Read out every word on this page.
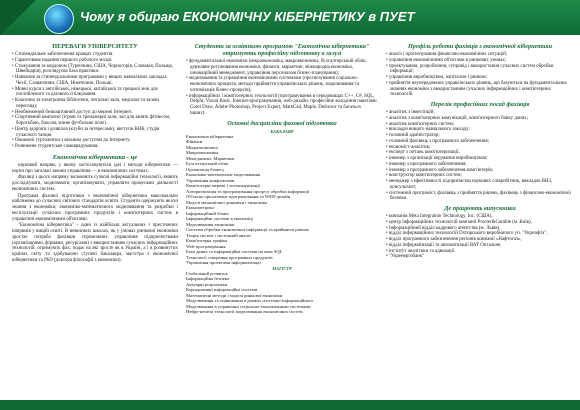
Чому я обираю ЕКОНОМІЧНУ КІБЕРНЕТИКУ в ПУЕТ
ПЕРЕВАГИ УНІВЕРСИТЕТУ
• Стипендіальне забезпечення кращих студентів.
• Гарантоване надання першого робочого місця.
• Стажування за кордоном (Туреччина, США, Чорногорія, Словакія, Польща, Швейцарія), розглядуєва база практики.
• Навчання за стипендіальними програмами у вищих навчальних закладах Чехії, Словаччини, США, Німеччини, Польщі.
• Мовні курси з англійської, німецької, китайської та грецької мов для поглибленого та ділового спілкування.
• Класична та електронна бібліотеки, читальні зали, медіазал та залові перегляду.
• Необмежений безкоштовний доступ до мережі Інтернет.
• Спортивний комплекс (ігрові та тренажерні зали, зал для занять фітнесом, боротьбою, боксом, мінне футбольне поле).
• Центр здоров'я і дозвілля (клуби за інтересами), виступи КВК, студія сучасного танцю.
• Оновлені гуртожитки з вільним доступом до Інтернету.
• Розвинене студентське самоврядування.
Економічна кібернетика - це

науковий напрям, у якому застосовуються ідеї і методи кібернетики — науки про загальні закони управління — в економічних системах.

Фахівці з цього напряму засвоюють сучасні інформаційні технології, вміють досліджувати, моделювати, організовувати, управляти процесами діяльності економічних систем.

Програма фахової підготовки з економічної кібернетики максимально наближена до сучасних світових стандартів освіти. Студенти одержують якісні знання з економіки, економіко-математичного моделювання та розробки і експлуатації сучасних програмних продуктів і комп'ютерних систем в управлінні економічними об'єктами.

"Економічна кібернетика" - один із найбільш актуальних і престижних напрямів у вищій освіті. В невеликих школах, як у умовах ринкової економіки зростає потреба фахівців спроможних управління підприємствами (організаціями, фірмами, ресурсами) з використанням сучасних інформаційних технологій, отримують фах, подає на які зросте як в Україні, а і в розвинутих країнах світу та здобуваючи ступені бакалавра, магістра з економічної кібернетики та PhD (доктора філософії з економіки).

Студенти за освітньою програмою "Економічна кібернетика" отримують професійну підготовку в галузі
• фундаментальної економіки (мікроекономіка, макроекономіка, бухгалтерський облік, державне регулювання економіки, фінанси, маркетинг, міжнародна економіка, інноваційний менеджмент, управління персоналом бізнес-планування);
• моделювання та управління економічними системами (прогнозування соціально-економічних процесів, методи прийняття управлінських рішень, моделювання та оптимізація бізнес-процесів);
• інформаційних і комп'ютерних технологій (програмування в середовищах C++, C#, SQL, Delphi, Visual Basic, Internet-програмування, web-дизайн, професійне володіння пакетами Corel Draw, Adobe Photoshop, Project Expert, MathCad, Maple, Deductor та багатьох інших).
Основні дисципліни фахової підготовки
БАКАЛАВР
Економічна кібернетика
Фінанси
Мікроекономіка
Макроекономіка
Менеджмент. Маркетинг
Бухгалтерський облік
Організація бізнесу
Економіко-математичне моделювання
Управління конфліктами
Комп'ютерні мережі і телекомунікації
Алгоритмізація та програмування процесу обробки інформації
Об'єктно орієнтоване програмування та WEB-дизайн
Моделі економічної динаміки і економіка
Економетрика
Інформаційний бізнес
Інформаційні системи в економіці
Моделювання економіки
Системи обробки економічної інформації та прийняття рішень
Теорія систем і системний аналіз
Комп'ютерна графіка
Web-програмування
Бази даних та інформаційні системи на мові SQL
Технології створення програмних продуктів
Управління проектами інформатизації
МАГІСТР
Глобальний розвиток
Інформаційна безпека
Актуарні розрахунки
Корпоративні інформаційні системи
Математичні методи і моделі ринкової економіки
Моделювання та оцінювання в рамках системно-інформаційного
Моделювання в управлінні соціально-економічними системами
Нейро-нечіткі технології моделювання економічних систем
Профіль роботи фахівців з економічної кібернетики
• аналіз і прогнозування фінансово-економічних ситуацій;
• управління економічними об'єктами в ринкових умовах;
• проектування, розроблення, супровід і використання сучасних систем обробки інформації;
• управління виробництвом, капіталом і ринком;
• прийняття неупереджених управлінських рішень, що базуються на фундаментальних знаннях економіки з використанням сучасних інформаційних і комп'ютерних технологій
Перелік професійних посад фахівців
• аналітик з інвестицій;
• аналітик з комп'ютерних комунікацій, комп'ютерного банку даних;
• аналітик комп'ютерних систем;
• викладач вищого навчального закладу;
• головний адміністратор;
• головний фахівець з програмного забезпечення;
• економіст-аналітик;
• експерт з питань комп'ютеризації;
• інженер з організації керування виробництвом;
• інженер з програмного забезпечення;
• інженер з програмного забезпечення комп'ютерів;
• конструктор комп'ютерних систем;
• менеджер з ефективності підприємства наукових співробітник, викладач ВНЗ, консультант;
• системний програміст, фахівець з прийняття рішень, фахівець з фінансово-економічної безпеки.
Де працюють випускники
• компанія Meta Integration Technology, Inc. (США),
• центр інформаційних технологій компанії Procter&Gamble (м. Київ),
• Інформаційний відділ кадрового агентства (м. Львів),
• відділ інформаційних технологій Охтирського виробничого уп. "Укрнафта",
• відділ програмного забезпечення регіонів компанії «Нафтогаз»,
• відділ інформатизації та автоматизації ВАТ Оптальне,
• інститут аналітики та адвокації
• "Укренергобанк"
